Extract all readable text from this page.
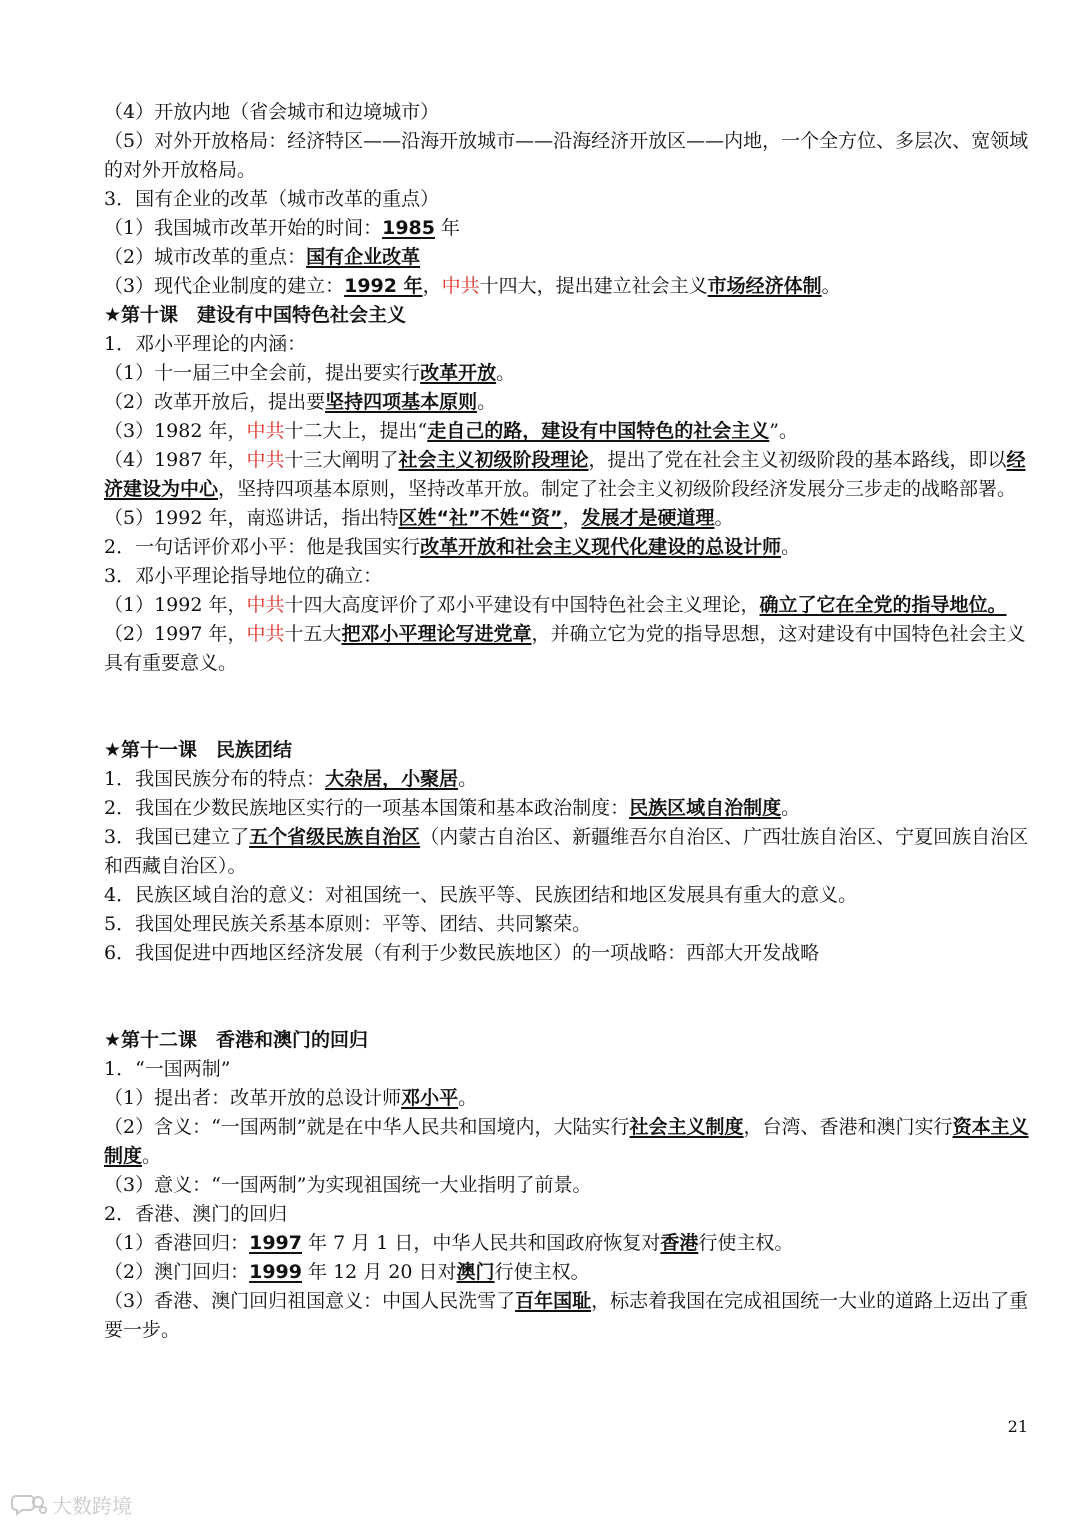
（4）开放内地（省会城市和边境城市）

（5）对外开放格局：经济特区——沿海开放城市——沿海经济开放区——内地，一个全方位、多层次、宽领域的对外开放格局。

3．国有企业的改革（城市改革的重点）

（1）我国城市改革开始的时间：1985 年

（2）城市改革的重点：国有企业改革

（3）现代企业制度的建立：1992 年，中共十四大，提出建立社会主义市场经济体制。

★第十课　建设有中国特色社会主义

1．邓小平理论的内涵：

（1）十一届三中全会前，提出要实行改革开放。

（2）改革开放后，提出要坚持四项基本原则。

（3）1982 年，中共十二大上，提出“走自己的路，建设有中国特色的社会主义”。

（4）1987 年，中共十三大阐明了社会主义初级阶段理论，提出了党在社会主义初级阶段的基本路线，即以经济建设为中心，坚持四项基本原则，坚持改革开放。制定了社会主义初级阶段经济发展分三步走的战略部署。

（5）1992 年，南巡讲话，指出特区姓“社”不姓“资”，发展才是硬道理。

2．一句话评价邓小平：他是我国实行改革开放和社会主义现代化建设的总设计师。

3．邓小平理论指导地位的确立：

（1）1992 年，中共十四大高度评价了邓小平建设有中国特色社会主义理论，确立了它在全党的指导地位。

（2）1997 年，中共十五大把邓小平理论写进党章，并确立它为党的指导思想，这对建设有中国特色社会主义具有重要意义。

★第十一课　民族团结

1．我国民族分布的特点：大杂居，小聚居。

2．我国在少数民族地区实行的一项基本国策和基本政治制度：民族区域自治制度。

3．我国已建立了五个省级民族自治区（内蒙古自治区、新疆维吾尔自治区、广西壮族自治区、宁夏回族自治区和西藏自治区）。

4．民族区域自治的意义：对祖国统一、民族平等、民族团结和地区发展具有重大的意义。

5．我国处理民族关系基本原则：平等、团结、共同繁荣。

6．我国促进中西地区经济发展（有利于少数民族地区）的一项战略：西部大开发战略

★第十二课　香港和澳门的回归

1．“一国两制”

（1）提出者：改革开放的总设计师邓小平。

（2）含义：“一国两制”就是在中华人民共和国境内，大陆实行社会主义制度，台湾、香港和澳门实行资本主义制度。

（3）意义：“一国两制”为实现祖国统一大业指明了前景。

2．香港、澳门的回归

（1）香港回归：1997 年 7 月 1 日，中华人民共和国政府恢复对香港行使主权。

（2）澳门回归：1999 年 12 月 20 日对澳门行使主权。

（3）香港、澳门回归祖国意义：中国人民洗雪了百年国耻，标志着我国在完成祖国统一大业的道路上迈出了重要一步。

21
大数跨境
